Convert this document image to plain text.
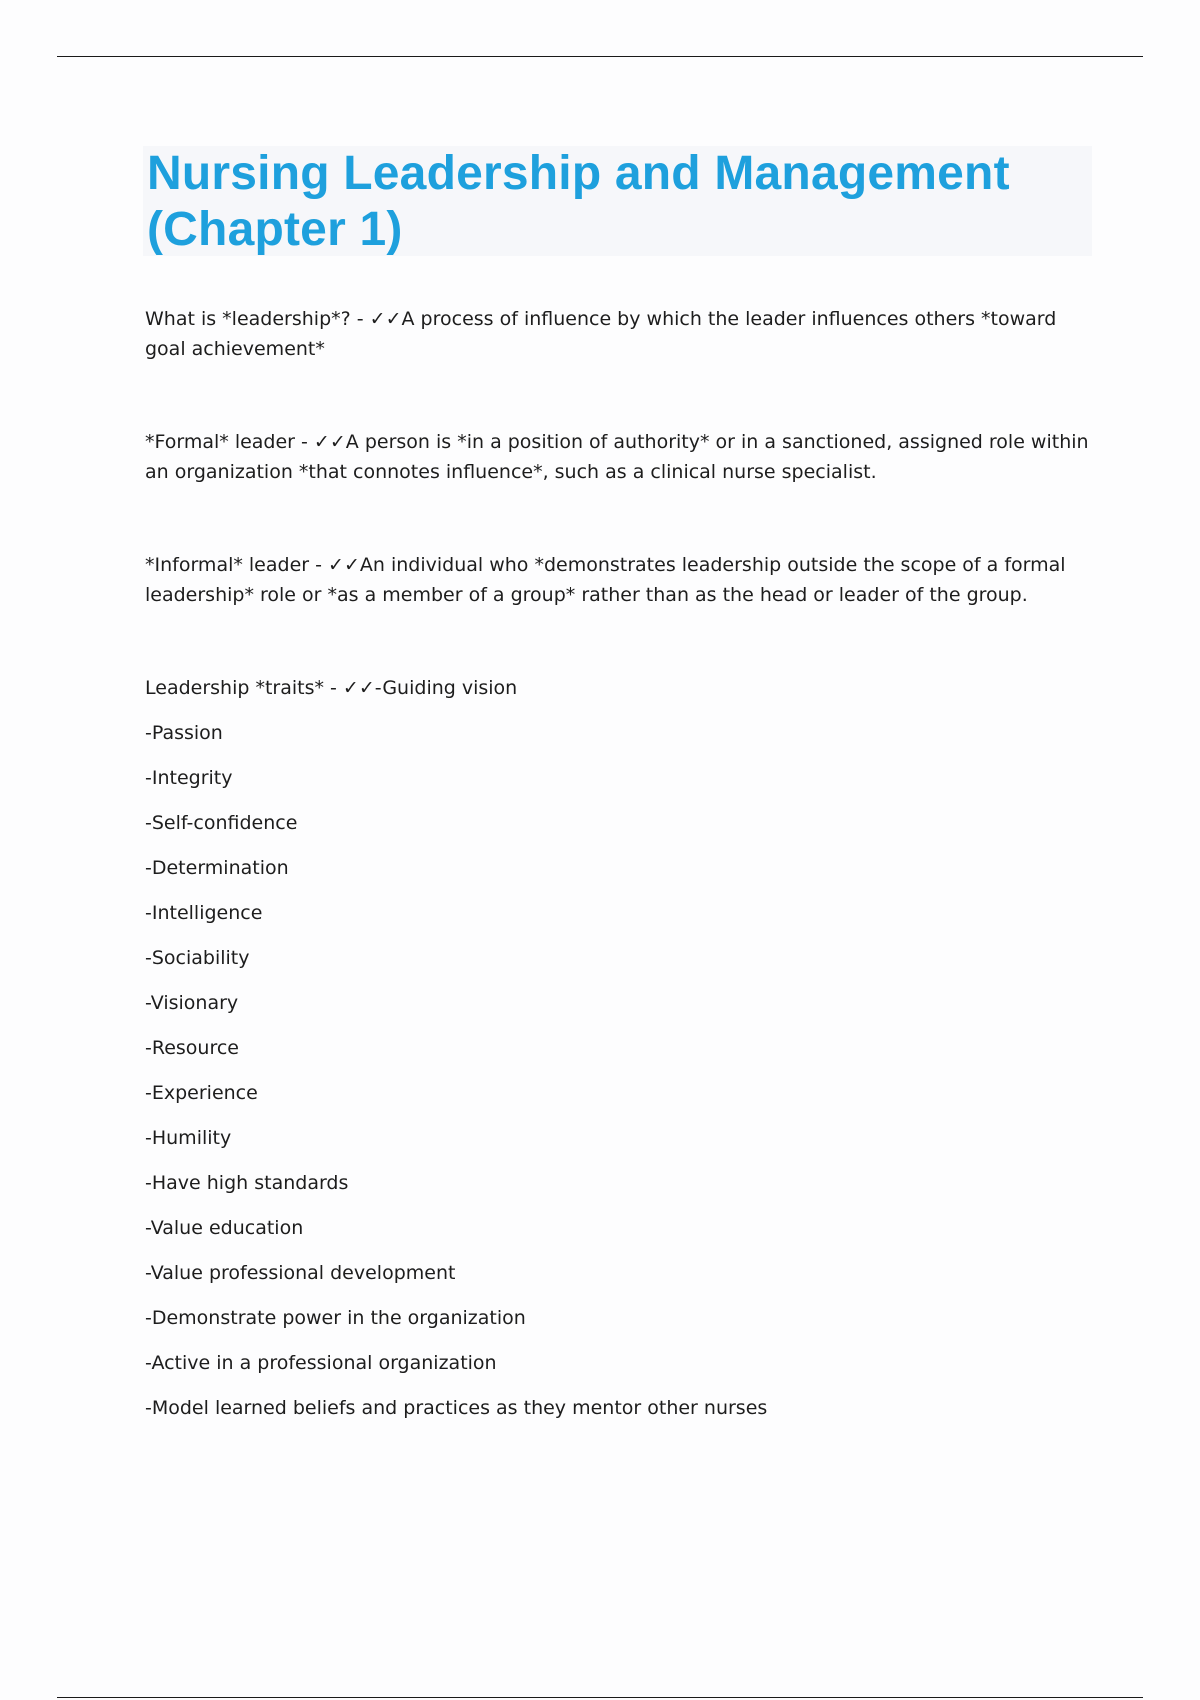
Nursing Leadership and Management (Chapter 1)

What is *leadership*? - ✓✓A process of influence by which the leader influences others *toward goal achievement*

*Formal* leader - ✓✓A person is *in a position of authority* or in a sanctioned, assigned role within an organization *that connotes influence*, such as a clinical nurse specialist.

*Informal* leader - ✓✓An individual who *demonstrates leadership outside the scope of a formal leadership* role or *as a member of a group* rather than as the head or leader of the group.

Leadership *traits* - ✓✓-Guiding vision

-Passion
-Integrity
-Self-confidence
-Determination
-Intelligence
-Sociability
-Visionary
-Resource
-Experience
-Humility
-Have high standards
-Value education
-Value professional development
-Demonstrate power in the organization
-Active in a professional organization
-Model learned beliefs and practices as they mentor other nurses
